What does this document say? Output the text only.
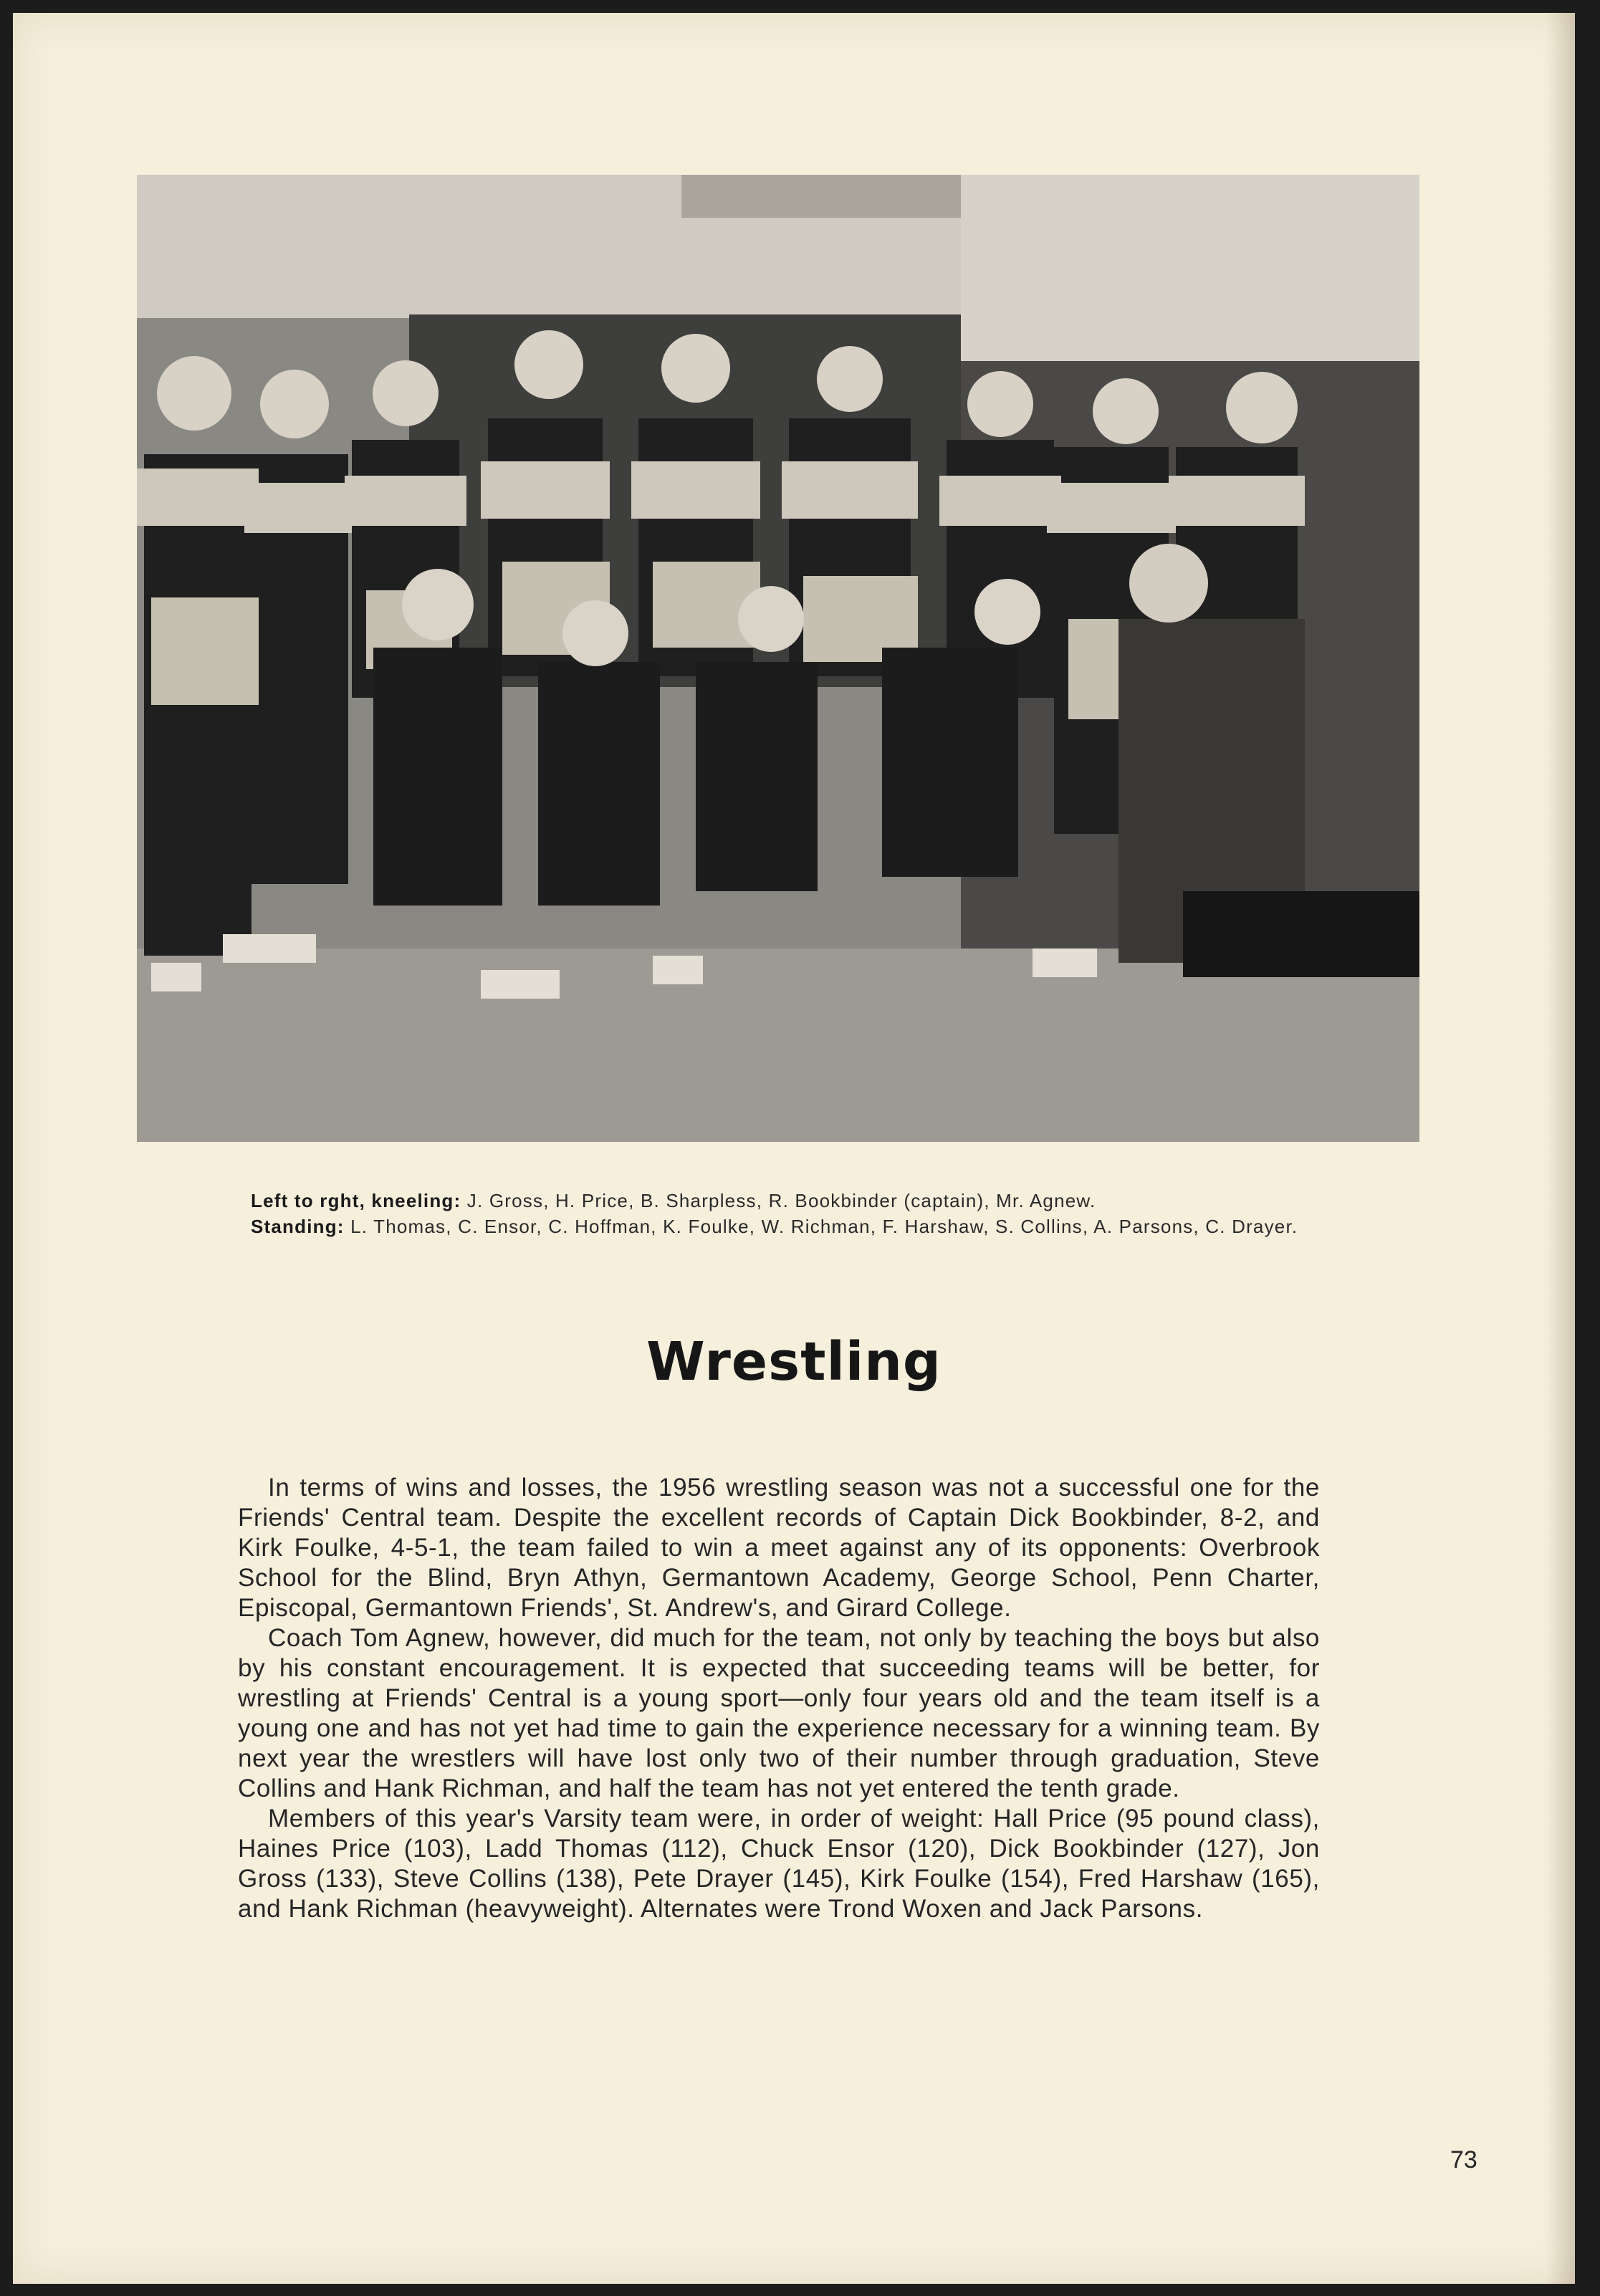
Left to rght, kneeling: J. Gross, H. Price, B. Sharpless, R. Bookbinder (captain), Mr. Agnew.
Standing: L. Thomas, C. Ensor, C. Hoffman, K. Foulke, W. Richman, F. Harshaw, S. Collins, A. Parsons, C. Drayer.
Wrestling

In terms of wins and losses, the 1956 wrestling season was not a successful one for the Friends' Central team. Despite the excellent records of Captain Dick Bookbinder, 8-2, and Kirk Foulke, 4-5-1, the team failed to win a meet against any of its opponents: Overbrook School for the Blind, Bryn Athyn, Germantown Academy, George School, Penn Charter, Episcopal, Germantown Friends', St. Andrew's, and Girard College.

Coach Tom Agnew, however, did much for the team, not only by teaching the boys but also by his constant encouragement. It is expected that succeeding teams will be better, for wrestling at Friends' Central is a young sport—only four years old and the team itself is a young one and has not yet had time to gain the experience necessary for a winning team. By next year the wrestlers will have lost only two of their number through graduation, Steve Collins and Hank Richman, and half the team has not yet entered the tenth grade.

Members of this year's Varsity team were, in order of weight: Hall Price (95 pound class), Haines Price (103), Ladd Thomas (112), Chuck Ensor (120), Dick Bookbinder (127), Jon Gross (133), Steve Collins (138), Pete Drayer (145), Kirk Foulke (154), Fred Harshaw (165), and Hank Richman (heavyweight). Alternates were Trond Woxen and Jack Parsons.

73
